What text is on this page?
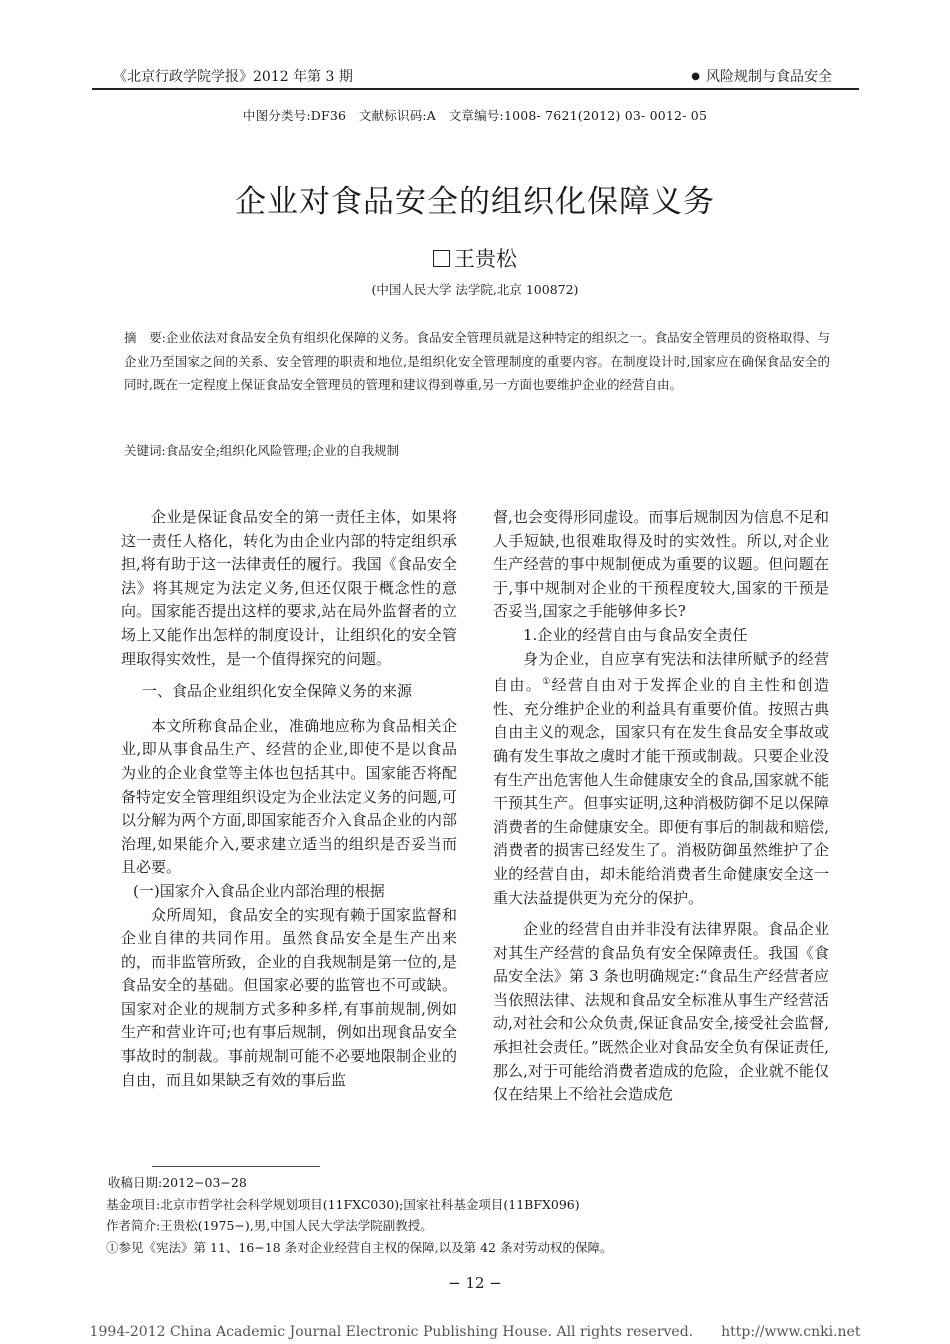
《北京行政学院学报》2012 年第 3 期	● 风险规制与食品安全
中图分类号:DF36　文献标识码:A　文章编号:1008- 7621(2012) 03- 0012- 05
企业对食品安全的组织化保障义务
王贵松
(中国人民大学 法学院,北京 100872)
摘　要:企业依法对食品安全负有组织化保障的义务。食品安全管理员就是这种特定的组织之一。食品安全管理员的资格取得、与企业乃至国家之间的关系、安全管理的职责和地位,是组织化安全管理制度的重要内容。在制度设计时,国家应在确保食品安全的同时,既在一定程度上保证食品安全管理员的管理和建议得到尊重,另一方面也要维护企业的经营自由。
关键词:食品安全;组织化风险管理;企业的自我规制

企业是保证食品安全的第一责任主体，如果将这一责任人格化，转化为由企业内部的特定组织承担,将有助于这一法律责任的履行。我国《食品安全法》将其规定为法定义务,但还仅限于概念性的意向。国家能否提出这样的要求,站在局外监督者的立场上又能作出怎样的制度设计，让组织化的安全管理取得实效性，是一个值得探究的问题。

一、食品企业组织化安全保障义务的来源

本文所称食品企业，准确地应称为食品相关企业,即从事食品生产、经营的企业,即使不是以食品为业的企业食堂等主体也包括其中。国家能否将配备特定安全管理组织设定为企业法定义务的问题,可以分解为两个方面,即国家能否介入食品企业的内部治理,如果能介入,要求建立适当的组织是否妥当而且必要。

(一)国家介入食品企业内部治理的根据

众所周知，食品安全的实现有赖于国家监督和企业自律的共同作用。虽然食品安全是生产出来的，而非监管所致，企业的自我规制是第一位的,是食品安全的基础。但国家必要的监管也不可或缺。国家对企业的规制方式多种多样,有事前规制,例如生产和营业许可;也有事后规制，例如出现食品安全事故时的制裁。事前规制可能不必要地限制企业的自由，而且如果缺乏有效的事后监

督,也会变得形同虚设。而事后规制因为信息不足和人手短缺,也很难取得及时的实效性。所以,对企业生产经营的事中规制便成为重要的议题。但问题在于,事中规制对企业的干预程度较大,国家的干预是否妥当,国家之手能够伸多长?

1.企业的经营自由与食品安全责任

身为企业，自应享有宪法和法律所赋予的经营自由。①经营自由对于发挥企业的自主性和创造性、充分维护企业的利益具有重要价值。按照古典自由主义的观念，国家只有在发生食品安全事故或确有发生事故之虞时才能干预或制裁。只要企业没有生产出危害他人生命健康安全的食品,国家就不能干预其生产。但事实证明,这种消极防御不足以保障消费者的生命健康安全。即便有事后的制裁和赔偿,消费者的损害已经发生了。消极防御虽然维护了企业的经营自由，却未能给消费者生命健康安全这一重大法益提供更为充分的保护。

企业的经营自由并非没有法律界限。食品企业对其生产经营的食品负有安全保障责任。我国《食品安全法》第 3 条也明确规定:“食品生产经营者应当依照法律、法规和食品安全标准从事生产经营活动,对社会和公众负责,保证食品安全,接受社会监督,承担社会责任。”既然企业对食品安全负有保证责任,那么,对于可能给消费者造成的危险，企业就不能仅仅在结果上不给社会造成危

收稿日期:2012−03−28
基金项目:北京市哲学社会科学规划项目(11FXC030);国家社科基金项目(11BFX096)
作者简介:王贵松(1975−),男,中国人民大学法学院副教授。
①参见《宪法》第 11、16−18 条对企业经营自主权的保障,以及第 42 条对劳动权的保障。
− 12 −
1994-2012 China Academic Journal Electronic Publishing House. All rights reserved.　　http://www.cnki.net
